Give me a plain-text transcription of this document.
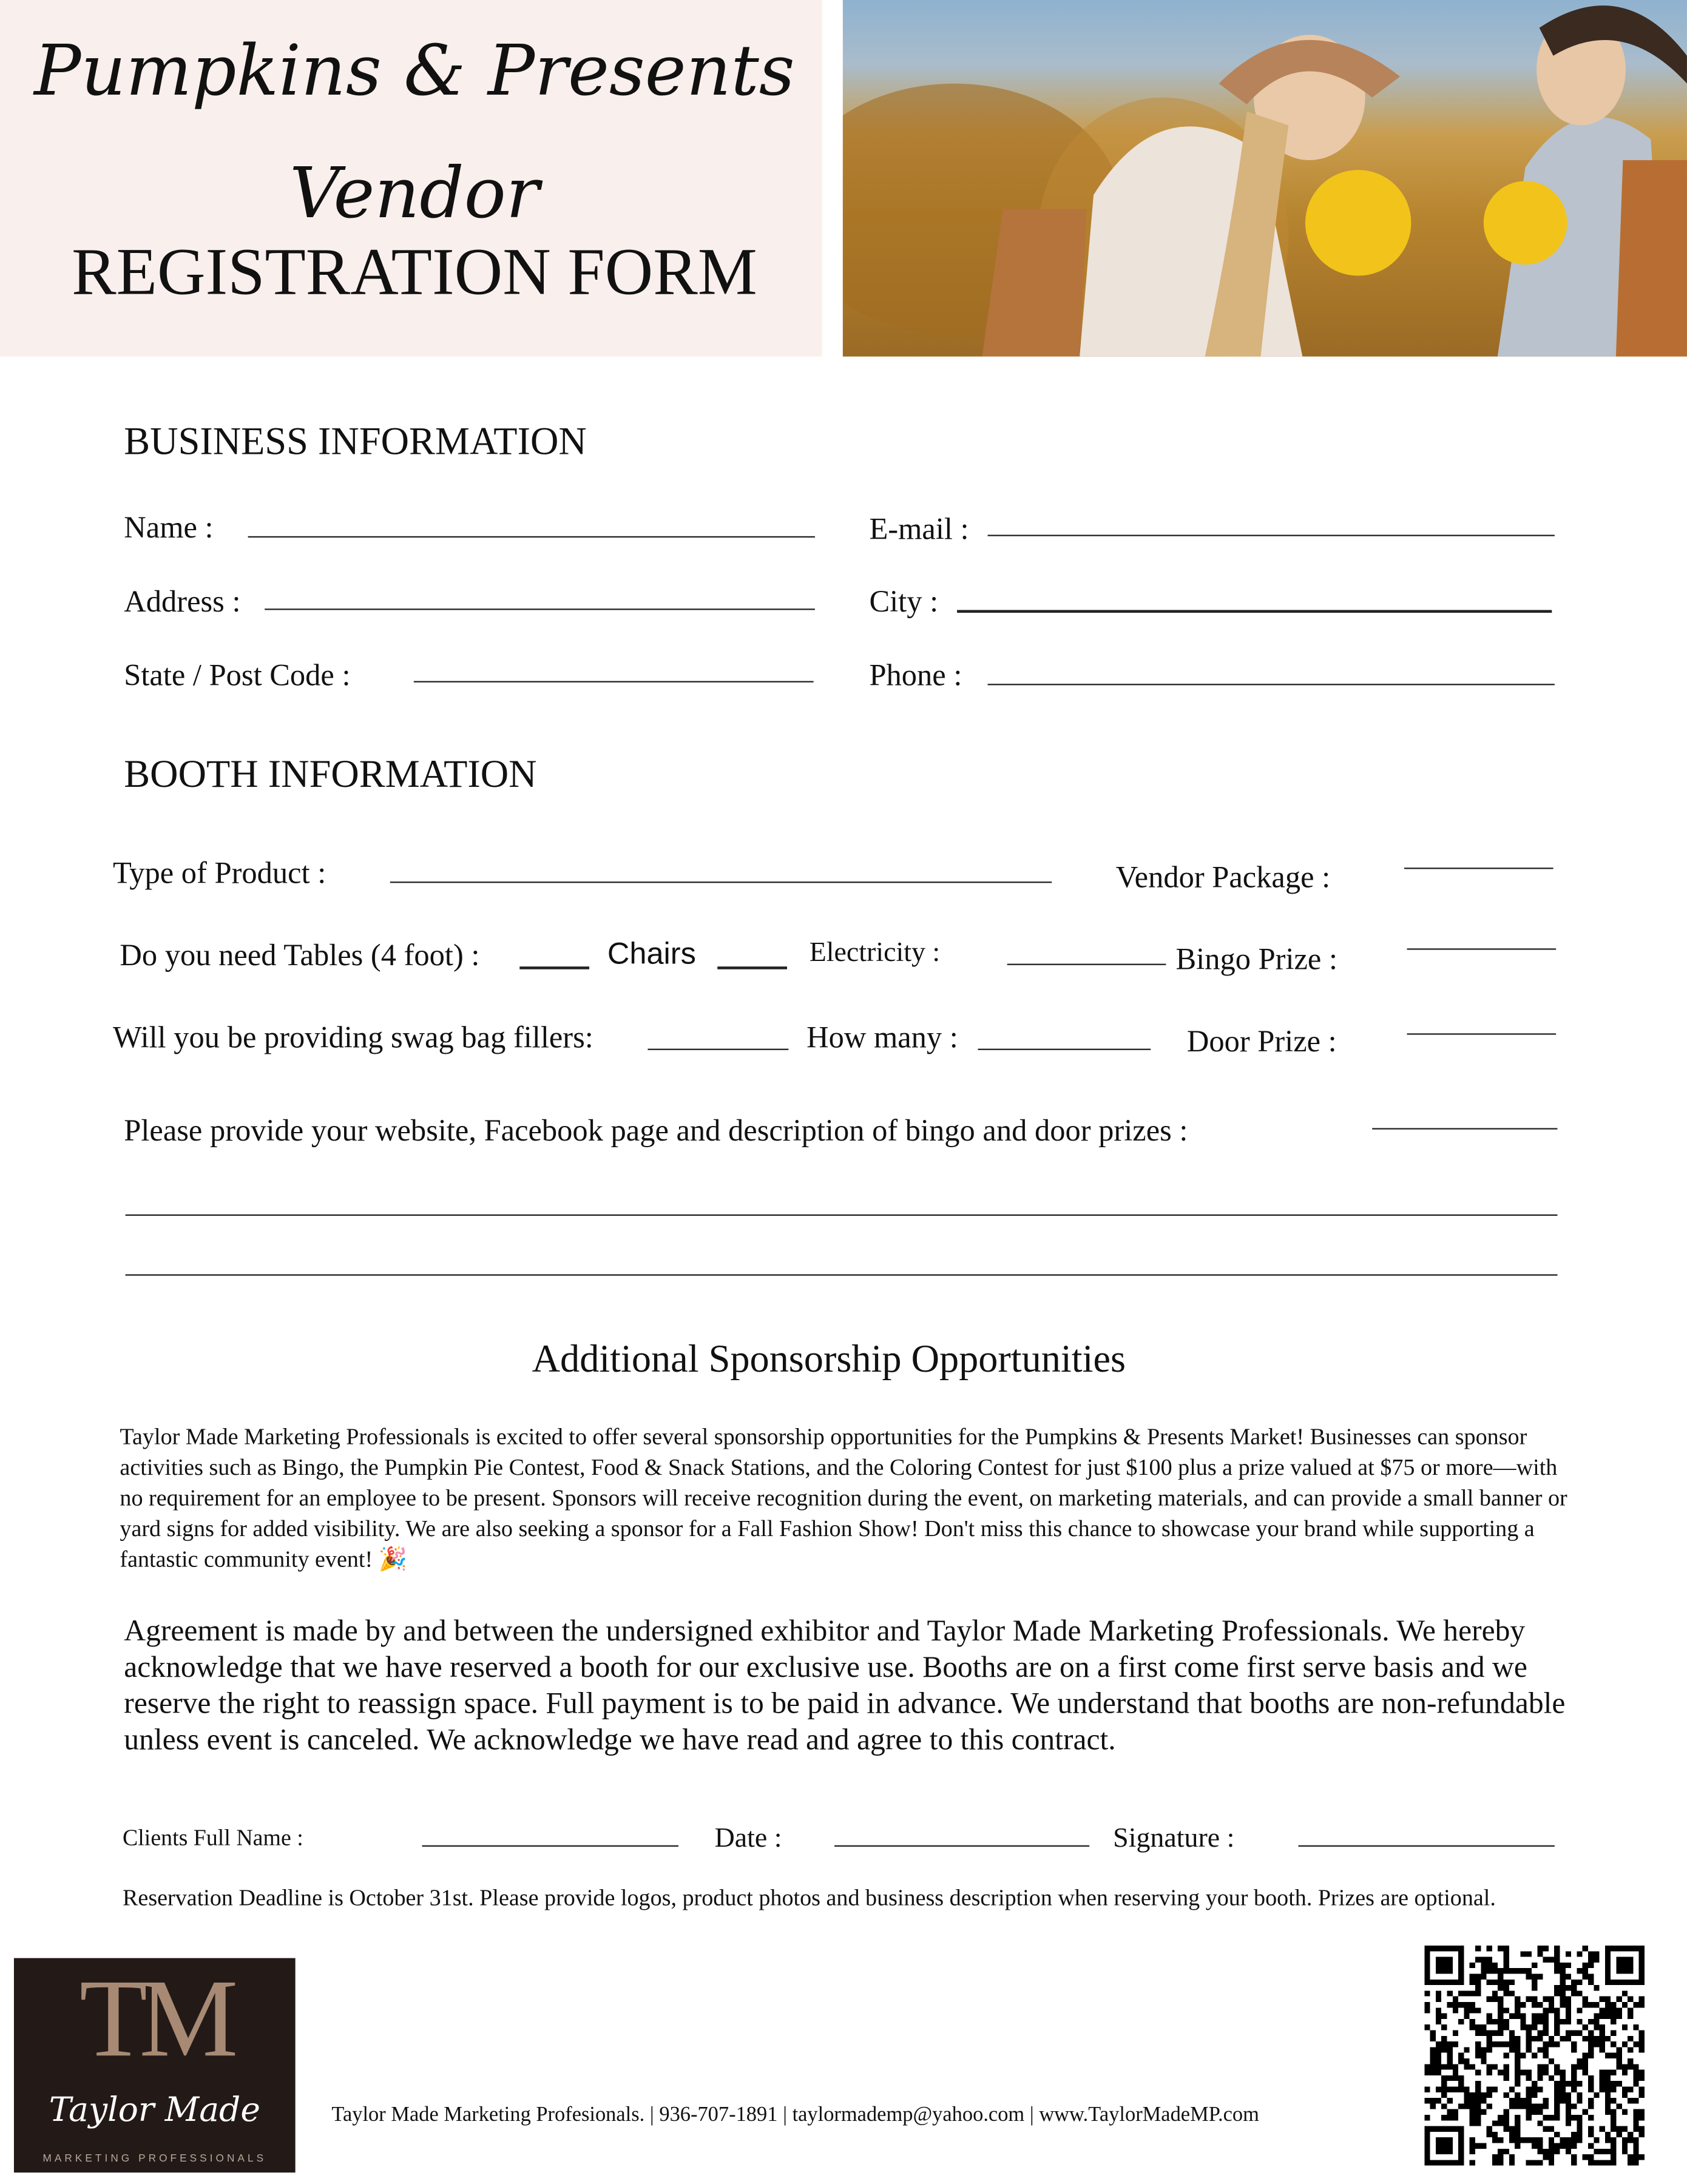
Pumpkins & Presents
Vendor
REGISTRATION FORM
BUSINESS INFORMATION
Name :	E-mail :
Address :	City :
State / Post Code :	Phone :
BOOTH INFORMATION
Type of Product :	Vendor Package :
Do you need Tables (4 foot) :	Chairs	Electricity :	Bingo Prize :
Will you be providing swag bag fillers:	How many :	Door Prize :
Please provide your website, Facebook page and description of bingo and door prizes :
Additional Sponsorship Opportunities
Taylor Made Marketing Professionals is excited to offer several sponsorship opportunities for the Pumpkins & Presents Market! Businesses can sponsor activities such as Bingo, the Pumpkin Pie Contest, Food & Snack Stations, and the Coloring Contest for just $100 plus a prize valued at $75 or more—with no requirement for an employee to be present. Sponsors will receive recognition during the event, on marketing materials, and can provide a small banner or yard signs for added visibility. We are also seeking a sponsor for a Fall Fashion Show! Don't miss this chance to showcase your brand while supporting a fantastic community event! 🎉
Agreement is made by and between the undersigned exhibitor and Taylor Made Marketing Professionals. We hereby acknowledge that we have reserved a booth for our exclusive use. Booths are on a first come first serve basis and we reserve the right to reassign space. Full payment is to be paid in advance. We understand that booths are non-refundable unless event is canceled. We acknowledge we have read and agree to this contract.
Clients Full Name :	Date :	Signature :
Reservation Deadline is October 31st. Please provide logos, product photos and business description when reserving your booth. Prizes are optional.
TM
Taylor Made
MARKETING PROFESSIONALS
Taylor Made Marketing Profesionals. | 936-707-1891 | taylormademp@yahoo.com | www.TaylorMadeMP.com
